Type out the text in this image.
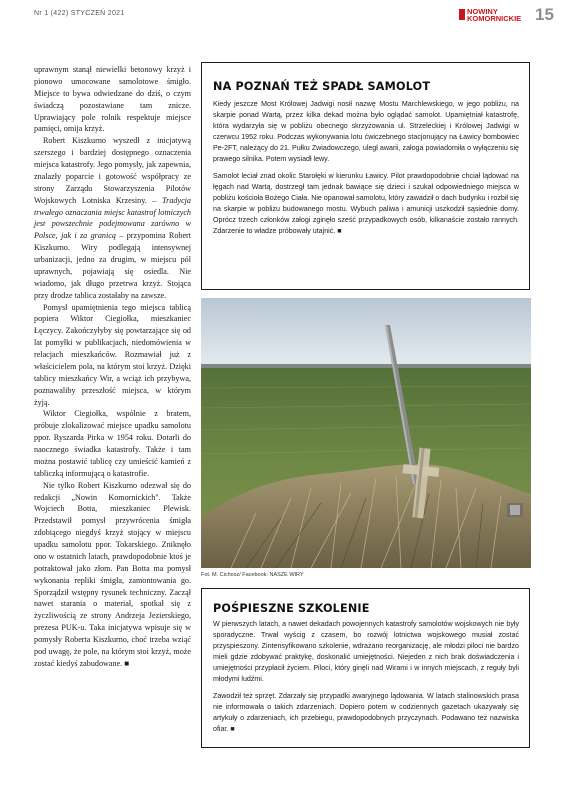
Nr 1 (422) STYCZEŃ 2021	NOWINY
KOMORNICKIE 15

uprawnym stanął niewielki betonowy krzyż i pionowo umocowane samolotowe śmigło. Miejsce to bywa odwiedzane do dziś, o czym świadczą pozostawiane tam znicze. Uprawiający pole rolnik respektuje miejsce pamięci, omija krzyż.

Robert Kiszkurno wyszedł z inicjatywą szerszego i bardziej dostępnego oznaczenia miejsca katastrofy. Jego pomysły, jak zapewnia, znalazły poparcie i gotowość współpracy ze strony Zarządu Stowarzyszenia Pilotów Wojskowych Lotniska Krzesiny. – Tradycja trwałego oznaczania miejsc katastrof lotniczych jest powszechnie podejmowana zarówno w Polsce, jak i za granicą – przypomina Robert Kiszkurno. Wiry podlegają intensywnej urbanizacji, jedno za drugim, w miejscu pól uprawnych, pojawiają się osiedla. Nie wiadomo, jak długo przetrwa krzyż. Stojąca przy drodze tablica zostałaby na zawsze.

Pomysł upamiętnienia tego miejsca tablicą popiera Wiktor Ciegiołka, mieszkaniec Łęczycy. Zakończyłyby się powtarzające się od lat pomyłki w publikacjach, niedomówienia w relacjach mieszkańców. Rozmawiał już z właścicielem pola, na którym stoi krzyż. Dzięki tablicy mieszkańcy Wir, a wciąż ich przybywa, poznawaliby przeszłość miejsca, w którym żyją.

Wiktor Ciegiołka, wspólnie z bratem, próbuje zlokalizować miejsce upadku samolotu ppor. Ryszarda Pirka w 1954 roku. Dotarli do naocznego świadka katastrofy. Także i tam można postawić tablicę czy umieścić kamień z tabliczką informującą o katastrofie.

Nie tylko Robert Kiszkurno odezwał się do redakcji „Nowin Komornickich". Także Wojciech Botta, mieszkaniec Plewisk. Przedstawił pomysł przywrócenia śmigła zdobiącego niegdyś krzyż stojący w miejscu upadku samolotu ppor. Tokarskiego. Zniknęło ono w ostatnich latach, prawdopodobnie ktoś je potraktował jako złom. Pan Botta ma pomysł wykonania repliki śmigła, zamontowania go. Sporządził wstępny rysunek techniczny. Zaczął nawet starania o materiał, spotkał się z życzliwością ze strony Andrzeja Jezierskiego, prezesa PUK-u. Taka inicjatywa wpisuje się w pomysły Roberta Kiszkurno, choć trzeba wziąć pod uwagę, że pole, na którym stoi krzyż, może zostać kiedyś zabudowane. ■

NA POZNAŃ TEŻ SPADŁ SAMOLOT

Kiedy jeszcze Most Królowej Jadwigi nosił nazwę Mostu Marchlewskiego, w jego pobliżu, na skarpie ponad Wartą, przez kilka dekad można było oglądać samolot. Upamiętniał katastrofę, która wydarzyła się w pobliżu obecnego skrzyżowania ul. Strzeleckiej i Królowej Jadwigi w czerwcu 1952 roku. Podczas wykonywania lotu ćwiczebnego stacjonujący na Ławicy bombowiec Pe-2FT, należący do 21. Pułku Zwiadowczego, uległ awarii, załoga powiadomiła o wyłączeniu się prawego silnika. Potem wysiadł lewy.

Samolot leciał znad okolic Starołęki w kierunku Ławicy. Pilot prawdopodobnie chciał lądować na łęgach nad Wartą, dostrzegł tam jednak bawiące się dzieci i szukał odpowiedniego miejsca w pobliżu kościoła Bożego Ciała. Nie opanował samolotu, który zawadził o dach budynku i rozbił się na skarpie w pobliżu budowanego mostu. Wybuch paliwa i amunicji uszkodził sąsiednie domy. Oprócz trzech członków załogi zginęło sześć przypadkowych osób, kilkanaście zostało rannych. Zdarzenie to władze próbowały utajnić. ■

Fot. M. Cichosz/ Facebook: NASZE WIRY
POŚPIESZNE SZKOLENIE

W pierwszych latach, a nawet dekadach powojennych katastrofy samolotów wojskowych nie były sporadyczne. Trwał wyścig z czasem, bo rozwój lotnictwa wojskowego musiał zostać przyspieszony. Zintensyfikowano szkolenie, wdrażano reorganizację, ale młodzi piloci nie bardzo mieli gdzie zdobywać praktykę, doskonalić umiejętności. Niejeden z nich brak doświadczenia i umiejętności przypłacił życiem. Piloci, który ginęli nad Wirami i w innych miejscach, z reguły byli młodymi ludźmi.

Zawodził też sprzęt. Zdarzały się przypadki awaryjnego lądowania. W latach stalinowskich prasa nie informowała o takich zdarzeniach. Dopiero potem w codziennych gazetach ukazywały się artykuły o zdarzeniach, ich przebiegu, prawdopodobnych przyczynach. Podawano też nazwiska ofiar. ■
